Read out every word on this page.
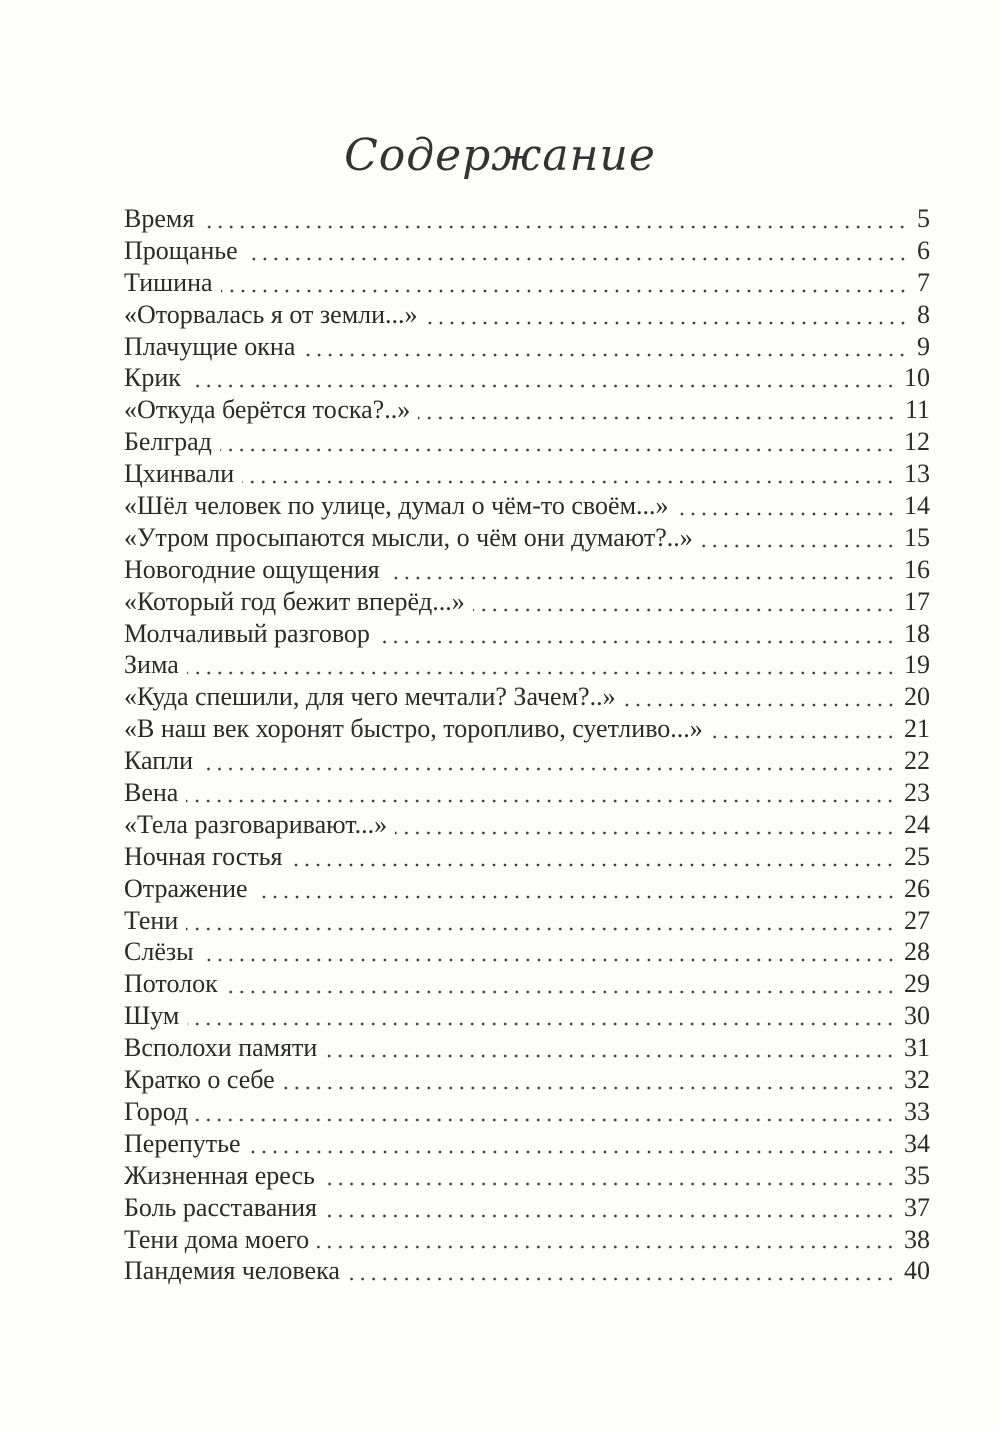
Содержание
Время	5
Прощанье	6
Тишина	7
«Оторвалась я от земли...»	8
Плачущие окна	9
Крик	10
«Откуда берётся тоска?..»	11
Белград	12
Цхинвали	13
«Шёл человек по улице, думал о чём-то своём...»	14
«Утром просыпаются мысли, о чём они думают?..»	15
Новогодние ощущения	16
«Который год бежит вперёд...»	17
Молчаливый разговор	18
Зима	19
«Куда спешили, для чего мечтали? Зачем?..»	20
«В наш век хоронят быстро, торопливо, суетливо...»	21
Капли	22
Вена	23
«Тела разговаривают...»	24
Ночная гостья	25
Отражение	26
Тени	27
Слёзы	28
Потолок	29
Шум	30
Всполохи памяти	31
Кратко о себе	32
Город	33
Перепутье	34
Жизненная ересь	35
Боль расставания	37
Тени дома моего	38
Пандемия человека	40
